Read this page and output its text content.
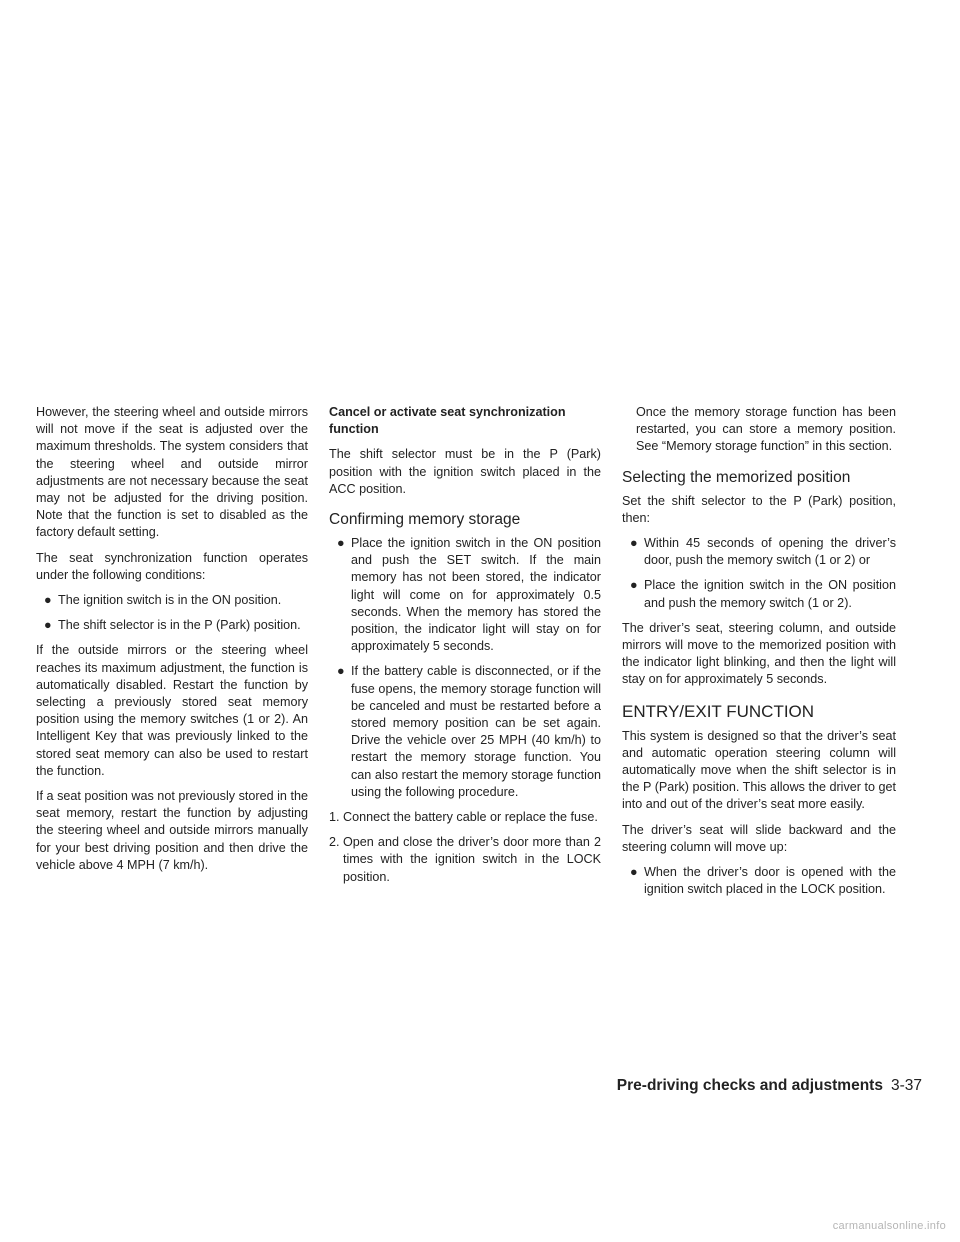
However, the steering wheel and outside mirrors will not move if the seat is adjusted over the maximum thresholds. The system considers that the steering wheel and outside mirror adjustments are not necessary because the seat may not be adjusted for the driving position. Note that the function is set to disabled as the factory default setting.

The seat synchronization function operates under the following conditions:

● The ignition switch is in the ON position.
● The shift selector is in the P (Park) position.

If the outside mirrors or the steering wheel reaches its maximum adjustment, the function is automatically disabled. Restart the function by selecting a previously stored seat memory position using the memory switches (1 or 2). An Intelligent Key that was previously linked to the stored seat memory can also be used to restart the function.

If a seat position was not previously stored in the seat memory, restart the function by adjusting the steering wheel and outside mirrors manually for your best driving position and then drive the vehicle above 4 MPH (7 km/h).

Cancel or activate seat synchronization function

The shift selector must be in the P (Park) position with the ignition switch placed in the ACC position.

Confirming memory storage
● Place the ignition switch in the ON position and push the SET switch. If the main memory has not been stored, the indicator light will come on for approximately 0.5 seconds. When the memory has stored the position, the indicator light will stay on for approximately 5 seconds.
● If the battery cable is disconnected, or if the fuse opens, the memory storage function will be canceled and must be restarted before a stored memory position can be set again. Drive the vehicle over 25 MPH (40 km/h) to restart the memory storage function. You can also restart the memory storage function using the following procedure.
1. Connect the battery cable or replace the fuse.
2. Open and close the driver’s door more than 2 times with the ignition switch in the LOCK position.

Once the memory storage function has been restarted, you can store a memory position. See “Memory storage function” in this section.

Selecting the memorized position

Set the shift selector to the P (Park) position, then:

● Within 45 seconds of opening the driver’s door, push the memory switch (1 or 2) or
● Place the ignition switch in the ON position and push the memory switch (1 or 2).

The driver’s seat, steering column, and outside mirrors will move to the memorized position with the indicator light blinking, and then the light will stay on for approximately 5 seconds.

ENTRY/EXIT FUNCTION

This system is designed so that the driver’s seat and automatic operation steering column will automatically move when the shift selector is in the P (Park) position. This allows the driver to get into and out of the driver’s seat more easily.

The driver’s seat will slide backward and the steering column will move up:

● When the driver’s door is opened with the ignition switch placed in the LOCK position.
Pre-driving checks and adjustments 3-37
carmanualsonline.info
